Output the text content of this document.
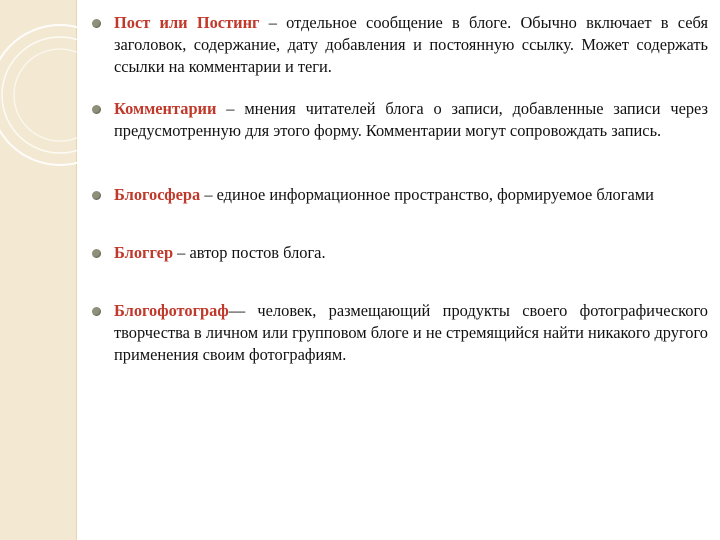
Пост или Постинг – отдельное сообщение в блоге. Обычно включает в себя заголовок, содержание, дату добавления и постоянную ссылку. Может содержать ссылки на комментарии и теги.
Комментарии – мнения читателей блога о записи, добавленные записи через предусмотренную для этого форму. Комментарии могут сопровождать запись.
Блогосфера – единое информационное пространство, формируемое блогами
Блоггер – автор постов блога.
Блогофотограф— человек, размещающий продукты своего фотографического творчества в личном или групповом блоге и не стремящийся найти никакого другого применения своим фотографиям.
